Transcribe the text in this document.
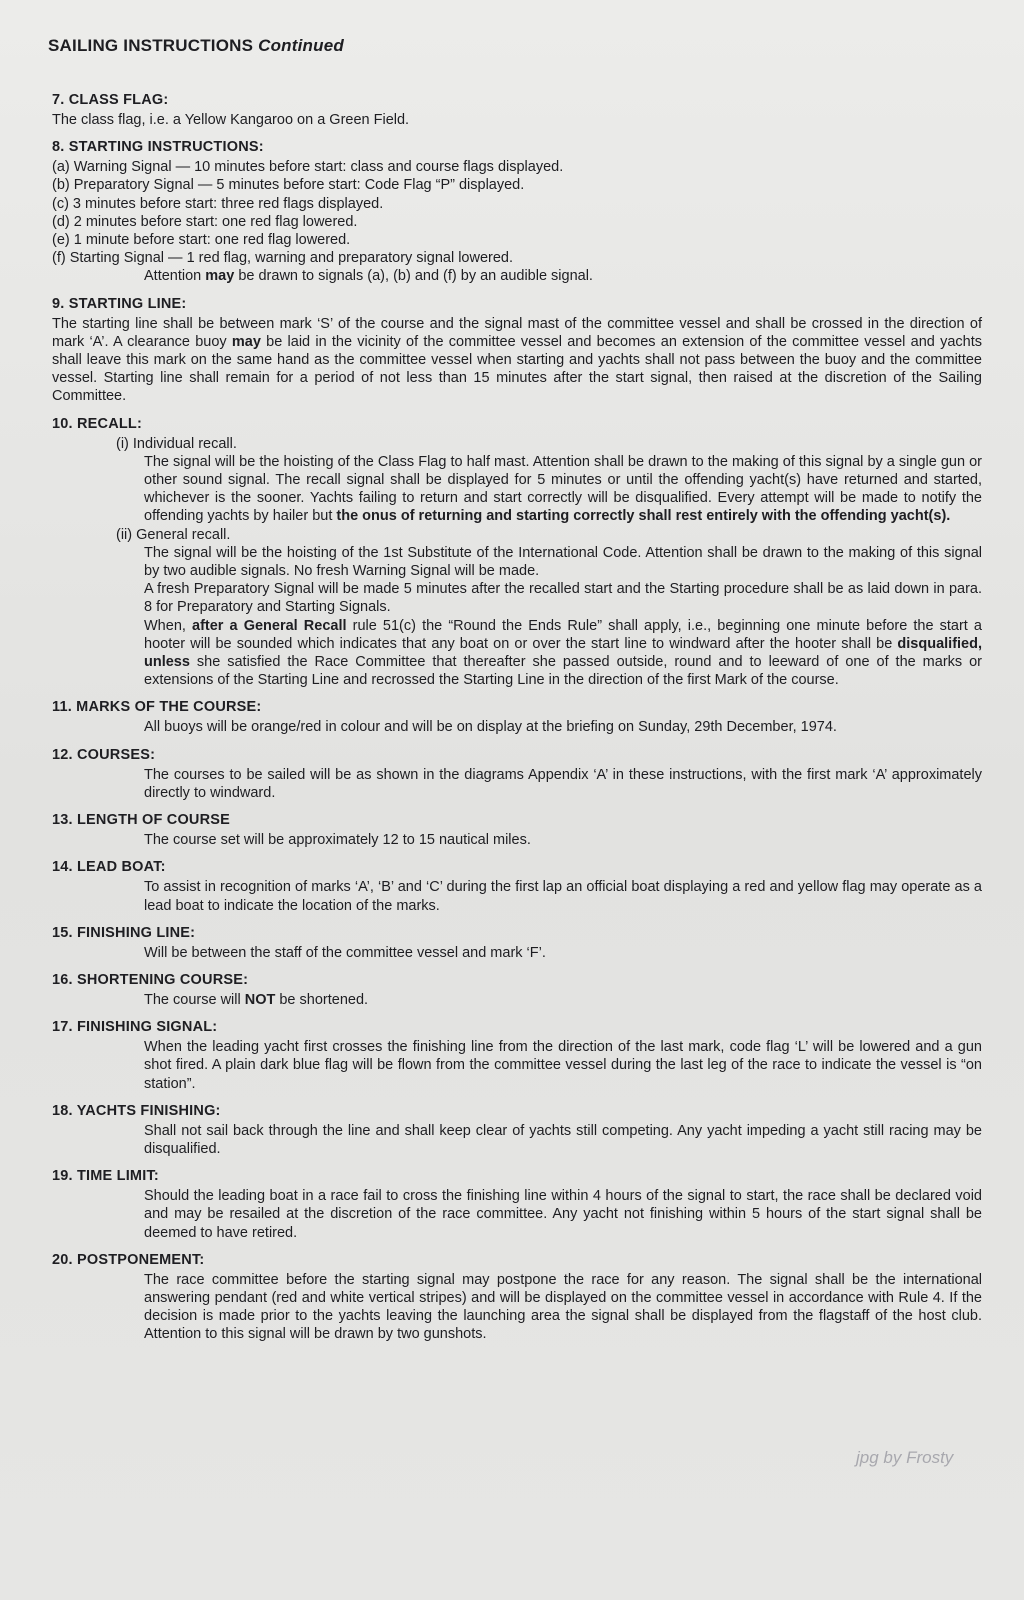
SAILING INSTRUCTIONS Continued
7. CLASS FLAG:
The class flag, i.e. a Yellow Kangaroo on a Green Field.
8. STARTING INSTRUCTIONS:
(a) Warning Signal — 10 minutes before start: class and course flags displayed.
(b) Preparatory Signal — 5 minutes before start: Code Flag “P” displayed.
(c) 3 minutes before start: three red flags displayed.
(d) 2 minutes before start: one red flag lowered.
(e) 1 minute before start: one red flag lowered.
(f) Starting Signal — 1 red flag, warning and preparatory signal lowered.
Attention may be drawn to signals (a), (b) and (f) by an audible signal.
9. STARTING LINE:
The starting line shall be between mark ‘S’ of the course and the signal mast of the committee vessel and shall be crossed in the direction of mark ‘A’. A clearance buoy may be laid in the vicinity of the committee vessel and becomes an extension of the committee vessel and yachts shall leave this mark on the same hand as the committee vessel when starting and yachts shall not pass between the buoy and the committee vessel. Starting line shall remain for a period of not less than 15 minutes after the start signal, then raised at the discretion of the Sailing Committee.
10. RECALL:
(i) Individual recall.
The signal will be the hoisting of the Class Flag to half mast. Attention shall be drawn to the making of this signal by a single gun or other sound signal. The recall signal shall be displayed for 5 minutes or until the offending yacht(s) have returned and started, whichever is the sooner. Yachts failing to return and start correctly will be disqualified. Every attempt will be made to notify the offending yachts by hailer but the onus of returning and starting correctly shall rest entirely with the offending yacht(s).
(ii) General recall.
The signal will be the hoisting of the 1st Substitute of the International Code. Attention shall be drawn to the making of this signal by two audible signals. No fresh Warning Signal will be made.
A fresh Preparatory Signal will be made 5 minutes after the recalled start and the Starting procedure shall be as laid down in para. 8 for Preparatory and Starting Signals.
When, after a General Recall rule 51(c) the “Round the Ends Rule” shall apply, i.e., beginning one minute before the start a hooter will be sounded which indicates that any boat on or over the start line to windward after the hooter shall be disqualified, unless she satisfied the Race Committee that thereafter she passed outside, round and to leeward of one of the marks or extensions of the Starting Line and recrossed the Starting Line in the direction of the first Mark of the course.
11. MARKS OF THE COURSE:
All buoys will be orange/red in colour and will be on display at the briefing on Sunday, 29th December, 1974.
12. COURSES:
The courses to be sailed will be as shown in the diagrams Appendix ‘A’ in these instructions, with the first mark ‘A’ approximately directly to windward.
13. LENGTH OF COURSE
The course set will be approximately 12 to 15 nautical miles.
14. LEAD BOAT:
To assist in recognition of marks ‘A’, ‘B’ and ‘C’ during the first lap an official boat displaying a red and yellow flag may operate as a lead boat to indicate the location of the marks.
15. FINISHING LINE:
Will be between the staff of the committee vessel and mark ‘F’.
16. SHORTENING COURSE:
The course will NOT be shortened.
17. FINISHING SIGNAL:
When the leading yacht first crosses the finishing line from the direction of the last mark, code flag ‘L’ will be lowered and a gun shot fired. A plain dark blue flag will be flown from the committee vessel during the last leg of the race to indicate the vessel is “on station”.
18. YACHTS FINISHING:
Shall not sail back through the line and shall keep clear of yachts still competing. Any yacht impeding a yacht still racing may be disqualified.
19. TIME LIMIT:
Should the leading boat in a race fail to cross the finishing line within 4 hours of the signal to start, the race shall be declared void and may be resailed at the discretion of the race committee. Any yacht not finishing within 5 hours of the start signal shall be deemed to have retired.
20. POSTPONEMENT:
The race committee before the starting signal may postpone the race for any reason. The signal shall be the international answering pendant (red and white vertical stripes) and will be displayed on the committee vessel in accordance with Rule 4. If the decision is made prior to the yachts leaving the launching area the signal shall be displayed from the flagstaff of the host club. Attention to this signal will be drawn by two gunshots.
jpg by Frosty
